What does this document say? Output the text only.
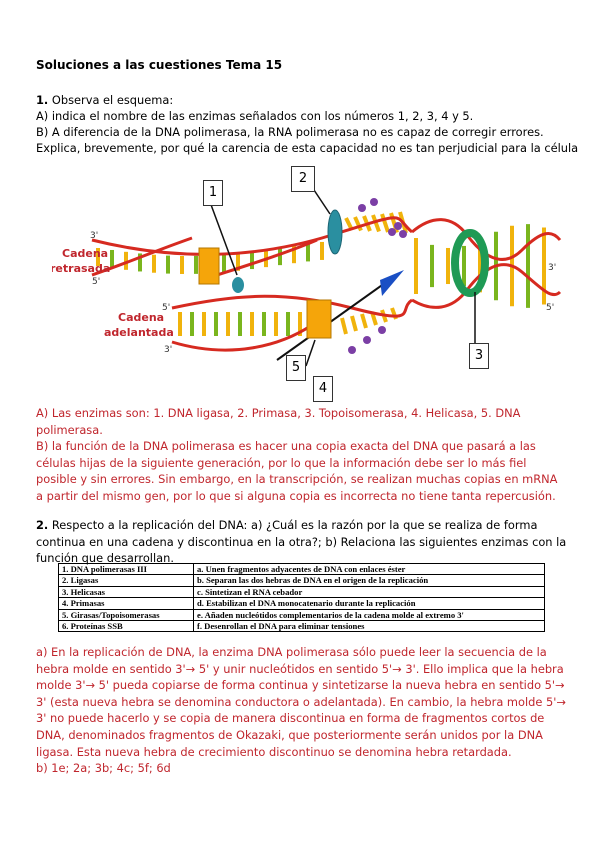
Soluciones a las cuestiones Tema 15
1. Observa el esquema:
A) indica el nombre de las enzimas señalados con los números 1, 2, 3, 4 y 5.
B) A diferencia de la DNA polimerasa, la RNA polimerasa no es capaz de corregir errores.
Explica, brevemente, por qué la carencia de esta capacidad no es tan perjudicial para la célula
3'
5'
5'
3'
3'
5'
Cadena
retrasada
Cadena
adelantada
1
2
3
4
5

A) Las enzimas son: 1. DNA ligasa, 2. Primasa, 3. Topoisomerasa, 4. Helicasa, 5. DNA polimerasa.

B) la función de la DNA polimerasa es hacer una copia exacta del DNA que pasará a las células hijas de la siguiente generación, por lo que la información debe ser lo más fiel posible y sin errores. Sin embargo, en la transcripción, se realizan muchas copias en mRNA a partir del mismo gen, por lo que si alguna copia es incorrecta no tiene tanta repercusión.

2. Respecto a la replicación del DNA: a) ¿Cuál es la razón por la que se realiza de forma
continua en una cadena y discontinua en la otra?; b) Relaciona las siguientes enzimas con la
función que desarrollan.
1. DNA polimerasas III	a. Unen fragmentos adyacentes de DNA con enlaces éster
2. Ligasas	b. Separan las dos hebras de DNA en el origen de la replicación
3. Helicasas	c. Sintetizan el RNA cebador
4. Primasas	d. Estabilizan el DNA monocatenario durante la replicación
5. Girasas/Topoisomerasas	e. Añaden nucleótidos complementarios de la cadena molde al extremo 3'
6. Proteínas SSB	f. Desenrollan el DNA para eliminar tensiones

a) En la replicación de DNA, la enzima DNA polimerasa sólo puede leer la secuencia de la hebra molde en sentido 3'→ 5' y unir nucleótidos en sentido 5'→ 3'. Ello implica que la hebra molde 3'→ 5' pueda copiarse de forma continua y sintetizarse la nueva hebra en sentido 5'→ 3' (esta nueva hebra se denomina conductora o adelantada). En cambio, la hebra molde 5'→ 3' no puede hacerlo y se copia de manera discontinua en forma de fragmentos cortos de DNA, denominados fragmentos de Okazaki, que posteriormente serán unidos por la DNA ligasa. Esta nueva hebra de crecimiento discontinuo se denomina hebra retardada.

b) 1e; 2a; 3b; 4c; 5f; 6d
